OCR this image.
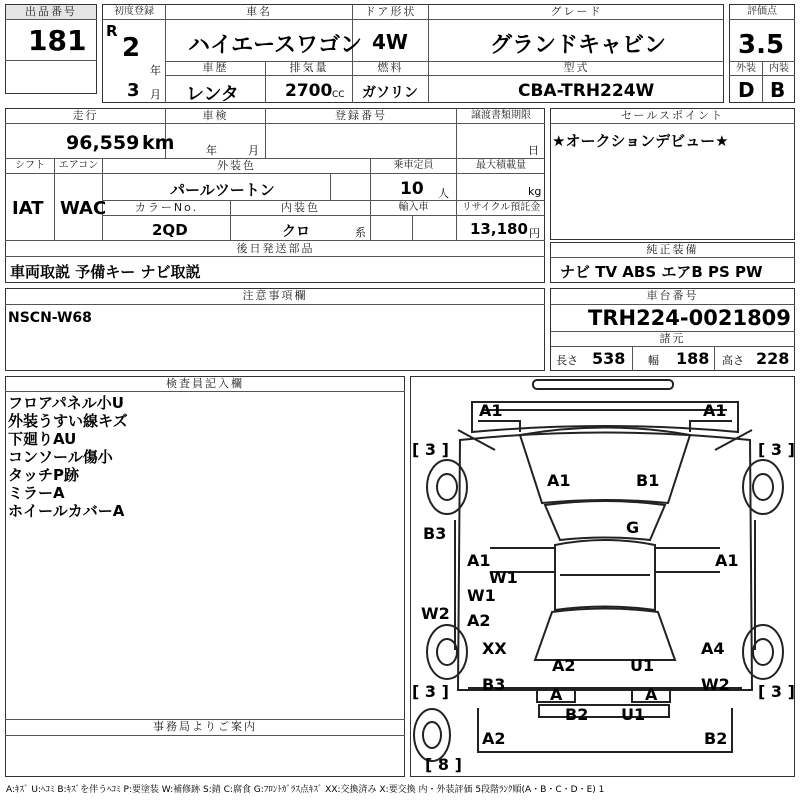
出品番号
181
初度登録
R
2
年
3 月
車名
ハイエースワゴン
ドア形状
4W
グレード
グランドキャビン
車歴
レンタ
排気量
2700 CC
燃料
ガソリン
型式
CBA-TRH224W
評価点
3.5
外装	内装
D B
走行
96,559 km
車検
年	月
登録番号	譲渡書類期限
日
シフト
IAT
エアコン
WAC
外装色
パールツートン
乗車定員
10 人
最大積載量
kg
カラーNo.
2QD
内装色
クロ	系
輸入車	リサイクル預託金
13,180 円
後日発送部品
車両取説 予備キー ナビ取説
セールスポイント
★オークションデビュー★
純正装備
ナビ TV ABS エアB PS PW
注意事項欄
NSCN-W68
車台番号
TRH224-0021809
諸元
長さ 538 幅 188 高さ 228
検査員記入欄
フロアパネル小U
外装うすい線キズ
下廻りAU
コンソール傷小
タッチP跡
ミラーA
ホイールカバーA
事務局よりご案内
A1	A1
[ 3 ]	[ 3 ]
A1	B1
B3	G
A1
W1
W1
A2
A1
W2
XX
A2	U1
A4
B3	W2
[ 3 ]	[ 3 ]
A	A
B2 U1
A2	B2
[ 8 ]
A:ｷｽﾞ U:ﾍｺﾐ B:ｷｽﾞを伴うﾍｺﾐ P:要塗装 W:補修跡 S:錆 C:腐食 G:ﾌﾛﾝﾄｶﾞﾗｽ点ｷｽﾞ XX:交換済み X:要交換 内・外装評価 5段階ﾗﾝｸ順(A・B・C・D・E) 1
